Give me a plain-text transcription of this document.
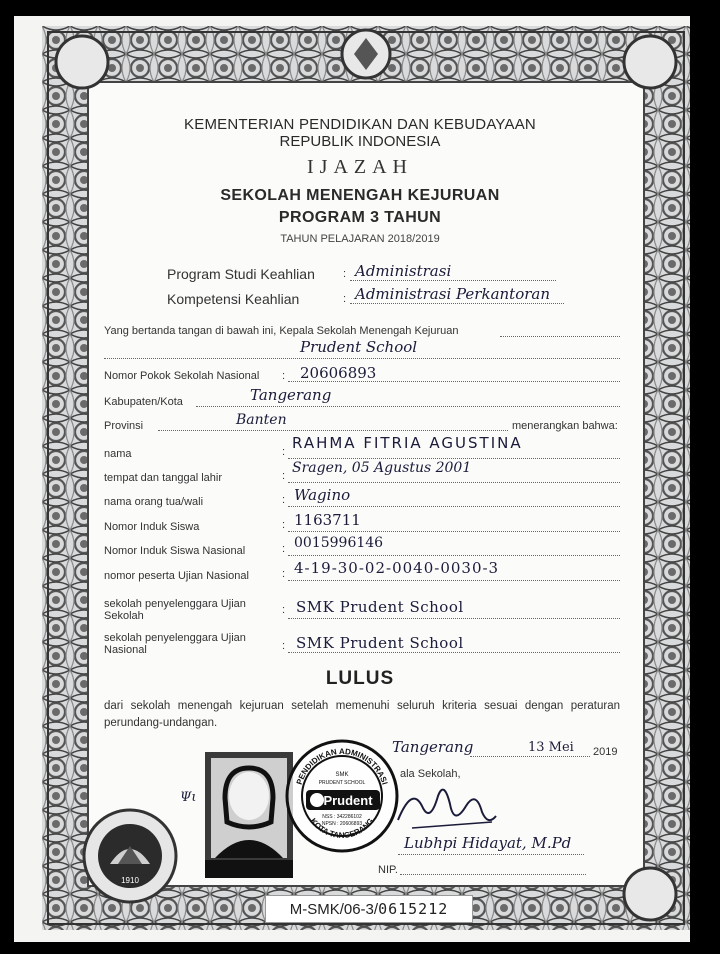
KEMENTERIAN PENDIDIKAN DAN KEBUDAYAAN
REPUBLIK INDONESIA
IJAZAH
SEKOLAH MENENGAH KEJURUAN
PROGRAM 3 TAHUN
TAHUN PELAJARAN 2018/2019
Program Studi Keahlian	: Administrasi
Kompetensi Keahlian	: Administrasi Perkantoran
Yang bertanda tangan di bawah ini, Kepala Sekolah Menengah Kejuruan
Prudent School
Nomor Pokok Sekolah Nasional : 20606893
Kabupaten/Kota	Tangerang
Provinsi	Banten	menerangkan bahwa:
nama	: RAHMA FITRIA AGUSTINA
tempat dan tanggal lahir	: Sragen, 05 Agustus 2001
nama orang tua/wali	: Wagino
Nomor Induk Siswa	: 1163711
Nomor Induk Siswa Nasional	: 0015996146
nomor peserta Ujian Nasional	: 4-19-30-02-0040-0030-3
sekolah penyelenggara Ujian
Sekolah	: SMK Prudent School
sekolah penyelenggara Ujian
Nasional	: SMK Prudent School
LULUS
dari sekolah menengah kejuruan setelah memenuhi seluruh kriteria sesuai dengan peraturan perundang-undangan.
1910
Ψι
PENDIDIKAN ADMINISTRASI
KOTA TANGERANG
SMK
PRUDENT SCHOOL
Prudent
NSS : 342286102
NPSN : 20606893
Tangerang	13 Mei 2019
ala Sekolah,
Lubhpi Hidayat, M.Pd
NIP.
M-SMK/06-3/0615212
